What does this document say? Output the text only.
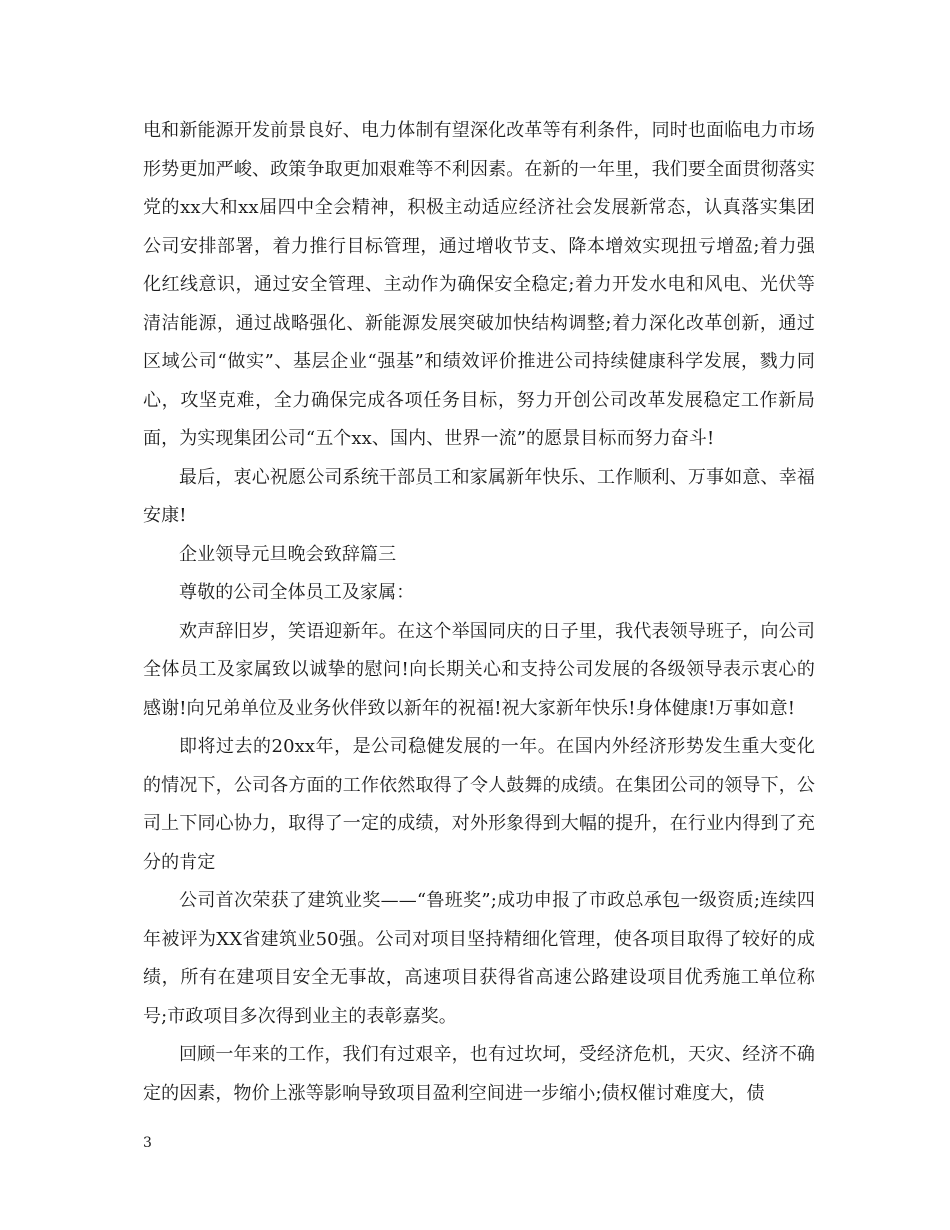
电和新能源开发前景良好、电力体制有望深化改革等有利条件，同时也面临电力市场形势更加严峻、政策争取更加艰难等不利因素。在新的一年里，我们要全面贯彻落实党的xx大和xx届四中全会精神，积极主动适应经济社会发展新常态，认真落实集团公司安排部署，着力推行目标管理，通过增收节支、降本增效实现扭亏增盈;着力强化红线意识，通过安全管理、主动作为确保安全稳定;着力开发水电和风电、光伏等清洁能源，通过战略强化、新能源发展突破加快结构调整;着力深化改革创新，通过区域公司“做实”、基层企业“强基”和绩效评价推进公司持续健康科学发展，戮力同心，攻坚克难，全力确保完成各项任务目标，努力开创公司改革发展稳定工作新局面，为实现集团公司“五个xx、国内、世界一流”的愿景目标而努力奋斗!

最后，衷心祝愿公司系统干部员工和家属新年快乐、工作顺利、万事如意、幸福安康!

企业领导元旦晚会致辞篇三

尊敬的公司全体员工及家属：

欢声辞旧岁，笑语迎新年。在这个举国同庆的日子里，我代表领导班子，向公司全体员工及家属致以诚挚的慰问!向长期关心和支持公司发展的各级领导表示衷心的感谢!向兄弟单位及业务伙伴致以新年的祝福!祝大家新年快乐!身体健康!万事如意!

即将过去的20xx年，是公司稳健发展的一年。在国内外经济形势发生重大变化的情况下，公司各方面的工作依然取得了令人鼓舞的成绩。在集团公司的领导下，公司上下同心协力，取得了一定的成绩，对外形象得到大幅的提升，在行业内得到了充分的肯定

公司首次荣获了建筑业奖——“鲁班奖”;成功申报了市政总承包一级资质;连续四年被评为XX省建筑业50强。公司对项目坚持精细化管理，使各项目取得了较好的成绩，所有在建项目安全无事故，高速项目获得省高速公路建设项目优秀施工单位称号;市政项目多次得到业主的表彰嘉奖。

回顾一年来的工作，我们有过艰辛，也有过坎坷，受经济危机，天灾、经济不确定的因素，物价上涨等影响导致项目盈利空间进一步缩小;债权催讨难度大，债

3
